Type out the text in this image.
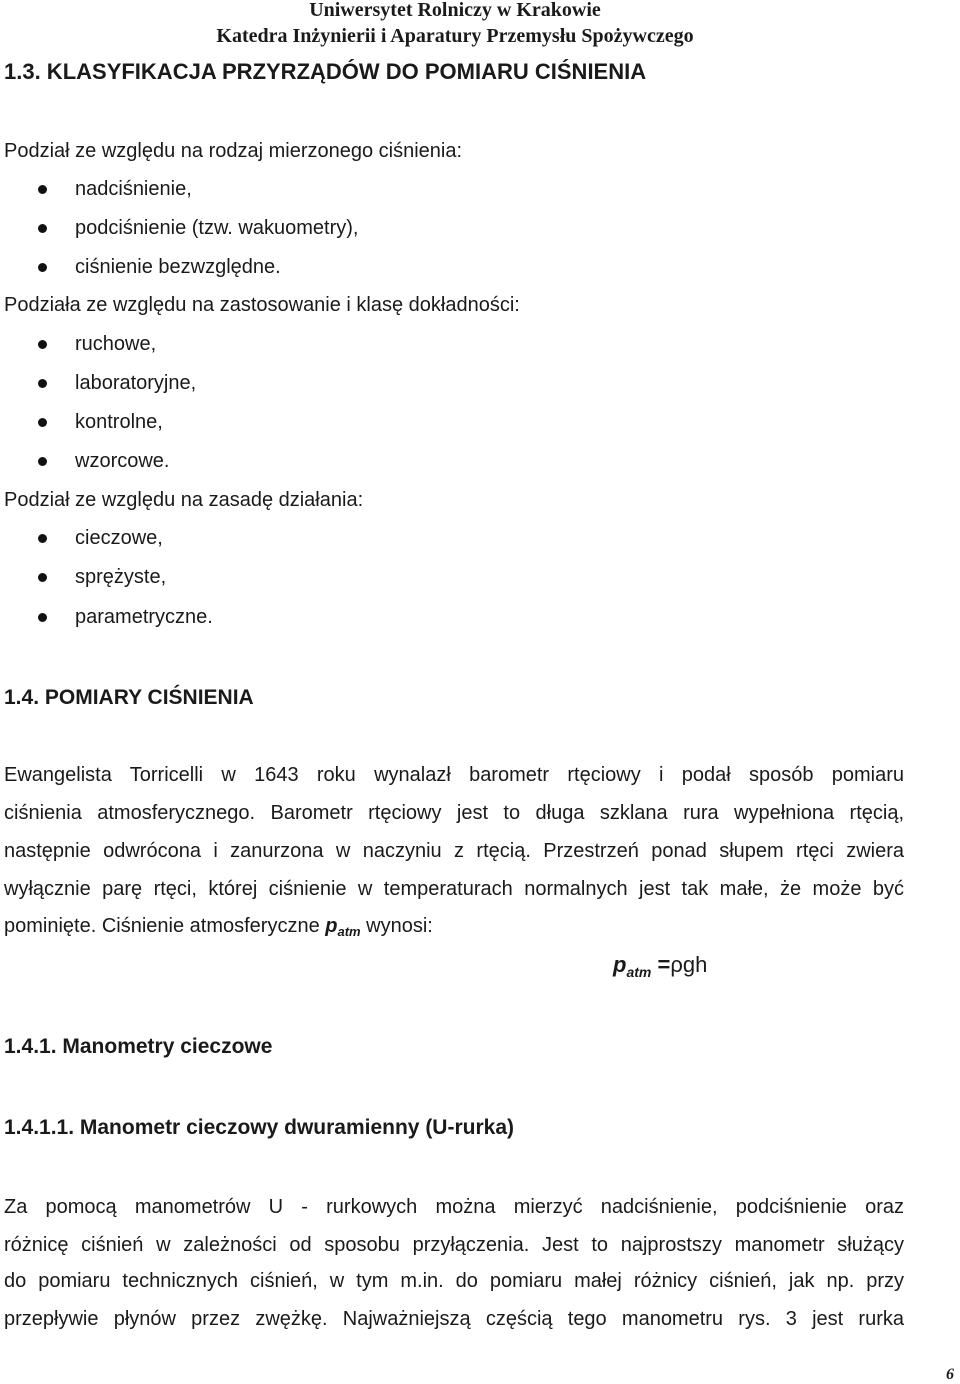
Uniwersytet Rolniczy w Krakowie
Katedra Inżynierii i Aparatury Przemysłu Spożywczego
1.3. KLASYFIKACJA PRZYRZĄDÓW DO POMIARU CIŚNIENIA
Podział ze względu na rodzaj mierzonego ciśnienia:
nadciśnienie,
podciśnienie (tzw. wakuometry),
ciśnienie bezwzględne.
Podziała ze względu na zastosowanie i klasę dokładności:
ruchowe,
laboratoryjne,
kontrolne,
wzorcowe.
Podział ze względu na zasadę działania:
cieczowe,
sprężyste,
parametryczne.
1.4. POMIARY CIŚNIENIA
Ewangelista Torricelli w 1643 roku wynalazł barometr rtęciowy i podał sposób pomiaru
ciśnienia atmosferycznego. Barometr rtęciowy jest to długa szklana rura wypełniona rtęcią,
następnie odwrócona i zanurzona w naczyniu z rtęcią. Przestrzeń ponad słupem rtęci zwiera
wyłącznie parę rtęci, której ciśnienie w temperaturach normalnych jest tak małe, że może być
pominięte. Ciśnienie atmosferyczne $p_{atm}$ wynosi:
$p_{atm} =\rho gh$
1.4.1. Manometry cieczowe
1.4.1.1. Manometr cieczowy dwuramienny (U-rurka)
Za pomocą manometrów U - rurkowych można mierzyć nadciśnienie, podciśnienie oraz
różnicę ciśnień w zależności od sposobu przyłączenia. Jest to najprostszy manometr służący
do pomiaru technicznych ciśnień, w tym m.in. do pomiaru małej różnicy ciśnień, jak np. przy
przepływie płynów przez zwężkę. Najważniejszą częścią tego manometru rys. 3 jest rurka
6
